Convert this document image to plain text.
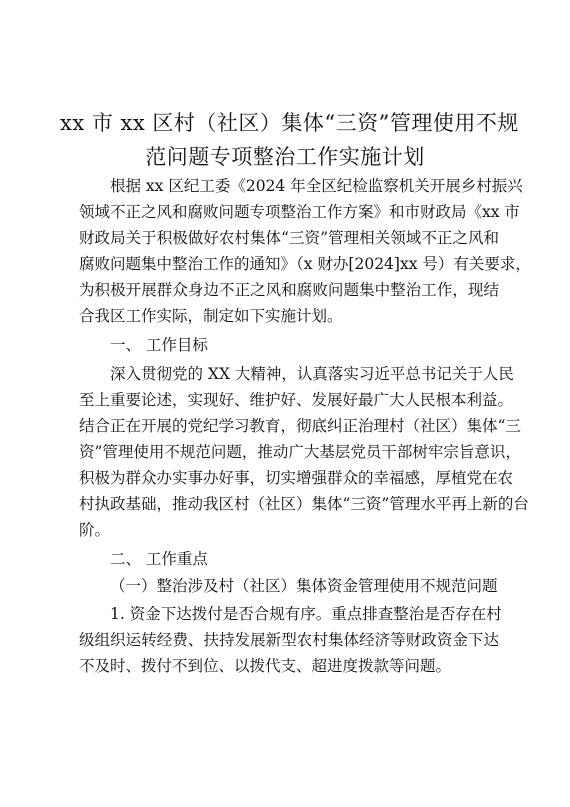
xx 市 xx 区村（社区）集体“三资”管理使用不规
范问题专项整治工作实施计划
根据 xx 区纪工委《2024 年全区纪检监察机关开展乡村振兴
领域不正之风和腐败问题专项整治工作方案》和市财政局《xx 市
财政局关于积极做好农村集体“三资”管理相关领域不正之风和
腐败问题集中整治工作的通知》（x 财办[2024]xx 号）有关要求，
为积极开展群众身边不正之风和腐败问题集中整治工作，现结
合我区工作实际，制定如下实施计划。
一、 工作目标
深入贯彻党的 XX 大精神，认真落实习近平总书记关于人民
至上重要论述，实现好、维护好、发展好最广大人民根本利益。
结合正在开展的党纪学习教育，彻底纠正治理村（社区）集体“三
资”管理使用不规范问题，推动广大基层党员干部树牢宗旨意识，
积极为群众办实事办好事，切实增强群众的幸福感，厚植党在农
村执政基础，推动我区村（社区）集体“三资”管理水平再上新的台
阶。
二、 工作重点
（一）整治涉及村（社区）集体资金管理使用不规范问题
1. 资金下达拨付是否合规有序。重点排查整治是否存在村
级组织运转经费、扶持发展新型农村集体经济等财政资金下达
不及时、拨付不到位、以拨代支、超进度拨款等问题。
